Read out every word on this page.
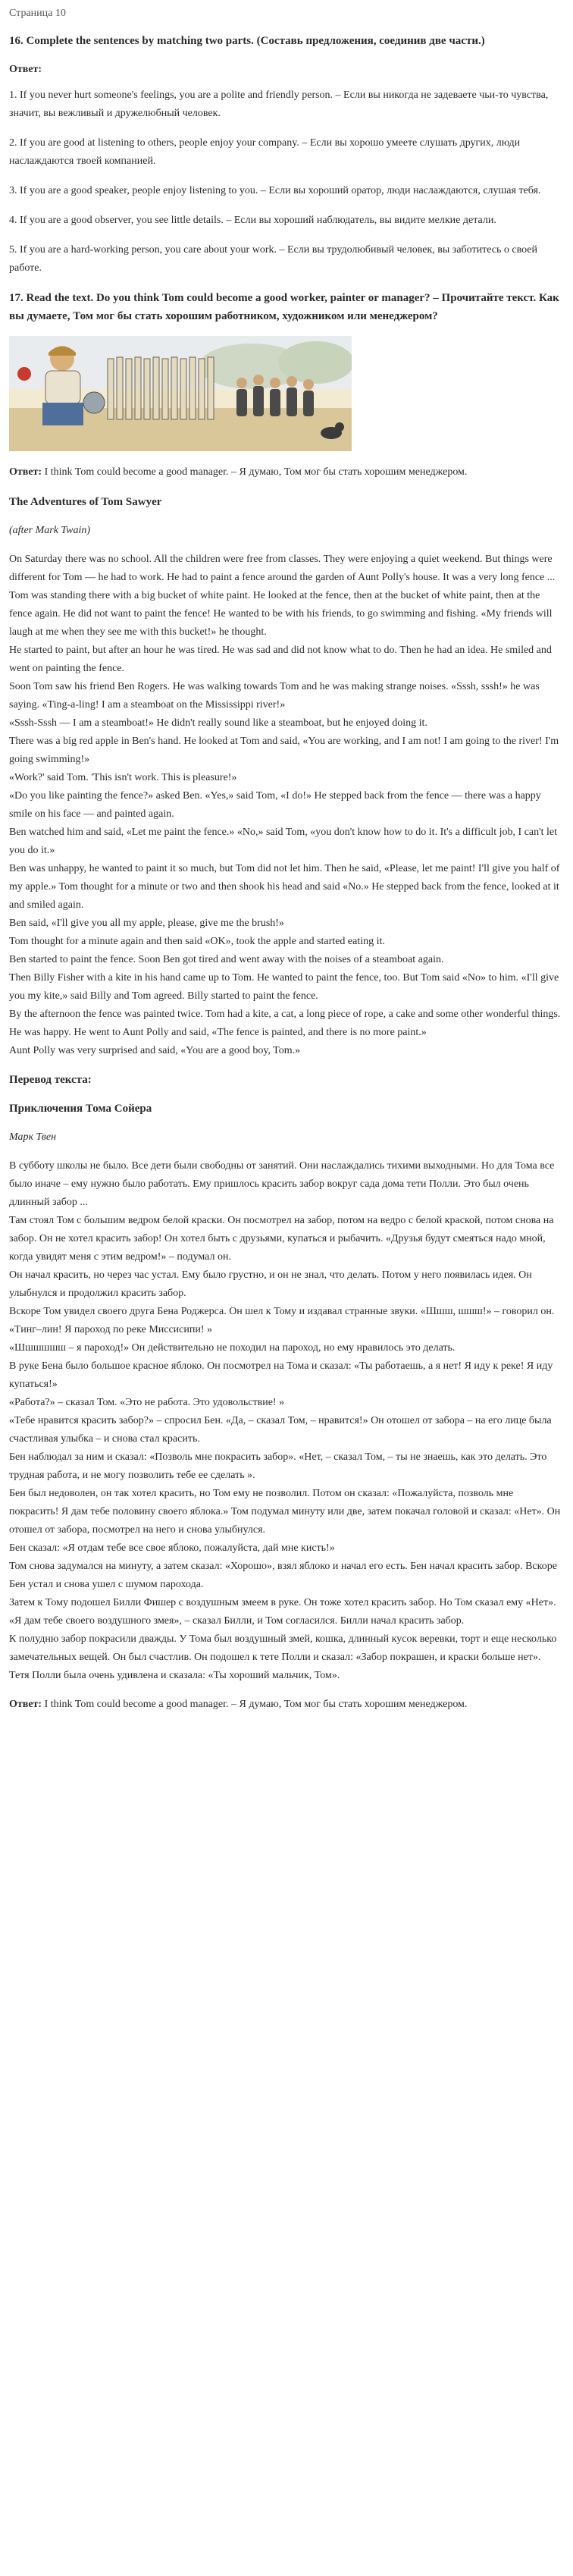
Страница 10
16. Complete the sentences by matching two parts. (Составь предложения, соединив две части.)
Ответ:

1. If you never hurt someone's feelings, you are a polite and friendly person. – Если вы никогда не задеваете чьи-то чувства, значит, вы вежливый и дружелюбный человек.

2. If you are good at listening to others, people enjoy your company. – Если вы хорошо умеете слушать других, люди наслаждаются твоей компанией.

3. If you are a good speaker, people enjoy listening to you. – Если вы хороший оратор, люди наслаждаются, слушая тебя.

4. If you are a good observer, you see little details. – Если вы хороший наблюдатель, вы видите мелкие детали.

5. If you are a hard-working person, you care about your work. – Если вы трудолюбивый человек, вы заботитесь о своей работе.

17. Read the text. Do you think Tom could become a good worker, painter or manager? – Прочитайте текст. Как вы думаете, Том мог бы стать хорошим работником, художником или менеджером?

Ответ: I think Tom could become a good manager. – Я думаю, Том мог бы стать хорошим менеджером.

The Adventures of Tom Sawyer
(after Mark Twain)

On Saturday there was no school. All the children were free from classes. They were enjoying a quiet weekend. But things were different for Tom — he had to work. He had to paint a fence around the garden of Aunt Polly's house. It was a very long fence ...

Tom was standing there with a big bucket of white paint. He looked at the fence, then at the bucket of white paint, then at the fence again. He did not want to paint the fence! He wanted to be with his friends, to go swimming and fishing. «My friends will laugh at me when they see me with this bucket!» he thought.

He started to paint, but after an hour he was tired. He was sad and did not know what to do. Then he had an idea. He smiled and went on painting the fence.

Soon Tom saw his friend Ben Rogers. He was walking towards Tom and he was making strange noises. «Sssh, sssh!» he was saying. «Ting-a-ling! I am a steamboat on the Mississippi river!»

«Sssh-Sssh — I am a steamboat!» He didn't really sound like a steamboat, but he enjoyed doing it.

There was a big red apple in Ben's hand. He looked at Tom and said, «You are working, and I am not! I am going to the river! I'm going swimming!»

«Work?' said Tom. 'This isn't work. This is pleasure!»

«Do you like painting the fence?» asked Ben. «Yes,» said Tom, «I do!» He stepped back from the fence — there was a happy smile on his face — and painted again.

Ben watched him and said, «Let me paint the fence.» «No,» said Tom, «you don't know how to do it. It's a difficult job, I can't let you do it.»

Ben was unhappy, he wanted to paint it so much, but Tom did not let him. Then he said, «Please, let me paint! I'll give you half of my apple.» Tom thought for a minute or two and then shook his head and said «No.» He stepped back from the fence, looked at it and smiled again.

Ben said, «I'll give you all my apple, please, give me the brush!»

Tom thought for a minute again and then said «OK», took the apple and started eating it.

Ben started to paint the fence. Soon Ben got tired and went away with the noises of a steamboat again.

Then Billy Fisher with a kite in his hand came up to Tom. He wanted to paint the fence, too. But Tom said «No» to him. «I'll give you my kite,» said Billy and Tom agreed. Billy started to paint the fence.

By the afternoon the fence was painted twice. Tom had a kite, a cat, a long piece of rope, a cake and some other wonderful things. He was happy. He went to Aunt Polly and said, «The fence is painted, and there is no more paint.»

Aunt Polly was very surprised and said, «You are a good boy, Tom.»

Перевод текста:
Приключения Тома Сойера
Марк Твен

В субботу школы не было. Все дети были свободны от занятий. Они наслаждались тихими выходными. Но для Тома все было иначе – ему нужно было работать. Ему пришлось красить забор вокруг сада дома тети Полли. Это был очень длинный забор ...

Там стоял Том с большим ведром белой краски. Он посмотрел на забор, потом на ведро с белой краской, потом снова на забор. Он не хотел красить забор! Он хотел быть с друзьями, купаться и рыбачить. «Друзья будут смеяться надо мной, когда увидят меня с этим ведром!» – подумал он.

Он начал красить, но через час устал. Ему было грустно, и он не знал, что делать. Потом у него появилась идея. Он улыбнулся и продолжил красить забор.

Вскоре Том увидел своего друга Бена Роджерса. Он шел к Тому и издавал странные звуки. «Шшш, шшш!» – говорил он. «Тинг–лин! Я пароход по реке Миссисипи! »

«Шшшшшш – я пароход!» Он действительно не походил на пароход, но ему нравилось это делать.

В руке Бена было большое красное яблоко. Он посмотрел на Тома и сказал: «Ты работаешь, а я нет! Я иду к реке! Я иду купаться!»

«Работа?» – сказал Том. «Это не работа. Это удовольствие! »

«Тебе нравится красить забор?» – спросил Бен. «Да, – сказал Том, – нравится!» Он отошел от забора – на его лице была счастливая улыбка – и снова стал красить.

Бен наблюдал за ним и сказал: «Позволь мне покрасить забор». «Нет, – сказал Том, – ты не знаешь, как это делать. Это трудная работа, и не могу позволить тебе ее сделать ».

Бен был недоволен, он так хотел красить, но Том ему не позволил. Потом он сказал: «Пожалуйста, позволь мне покрасить! Я дам тебе половину своего яблока.» Том подумал минуту или две, затем покачал головой и сказал: «Нет». Он отошел от забора, посмотрел на него и снова улыбнулся.

Бен сказал: «Я отдам тебе все свое яблоко, пожалуйста, дай мне кисть!»

Том снова задумался на минуту, а затем сказал: «Хорошо», взял яблоко и начал его есть. Бен начал красить забор. Вскоре Бен устал и снова ушел с шумом парохода.

Затем к Тому подошел Билли Фишер с воздушным змеем в руке. Он тоже хотел красить забор. Но Том сказал ему «Нет». «Я дам тебе своего воздушного змея», – сказал Билли, и Том согласился. Билли начал красить забор.

К полудню забор покрасили дважды. У Тома был воздушный змей, кошка, длинный кусок веревки, торт и еще несколько замечательных вещей. Он был счастлив. Он подошел к тете Полли и сказал: «Забор покрашен, и краски больше нет».

Тетя Полли была очень удивлена и сказала: «Ты хороший мальчик, Том».

Ответ: I think Tom could become a good manager. – Я думаю, Том мог бы стать хорошим менеджером.
